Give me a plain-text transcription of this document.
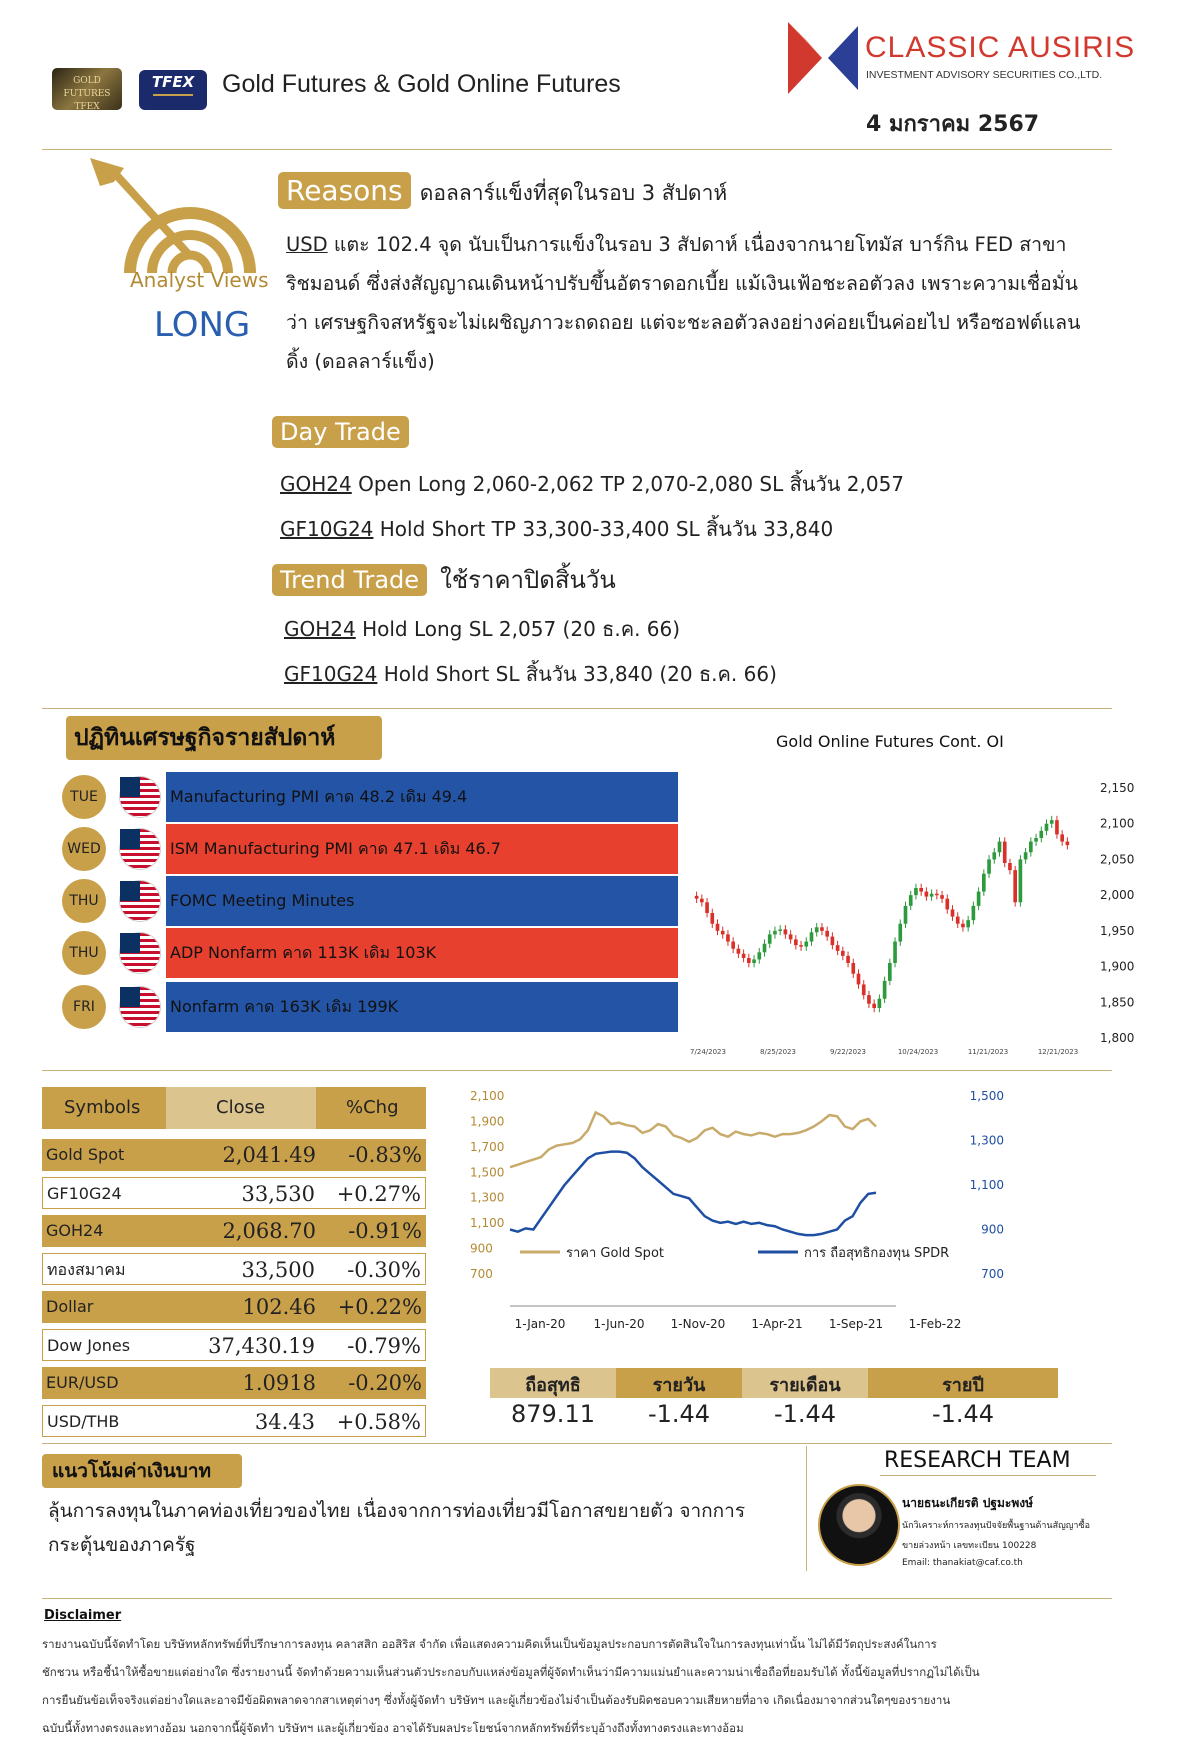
GOLD FUTURES TFEX
TFEX	Gold Futures & Gold Online Futures
CLASSIC AUSIRIS
INVESTMENT ADVISORY SECURITIES CO.,LTD.
4 มกราคม 2567
Analyst Views
LONG
Reasons ดอลลาร์แข็งที่สุดในรอบ 3 สัปดาห์
USD แตะ 102.4 จุด นับเป็นการแข็งในรอบ 3 สัปดาห์ เนื่องจากนายโทมัส บาร์กิน FED สาขา
ริชมอนด์ ซึ่งส่งสัญญาณเดินหน้าปรับขึ้นอัตราดอกเบี้ย แม้เงินเฟ้อชะลอตัวลง เพราะความเชื่อมั่น
ว่า เศรษฐกิจสหรัฐจะไม่เผชิญภาวะถดถอย แต่จะชะลอตัวลงอย่างค่อยเป็นค่อยไป หรือซอฟต์แลน
ดิ้ง (ดอลลาร์แข็ง)
Day Trade
GOH24 Open Long 2,060-2,062 TP 2,070-2,080 SL สิ้นวัน 2,057
GF10G24 Hold Short TP 33,300-33,400 SL สิ้นวัน 33,840
Trend Trade ใช้ราคาปิดสิ้นวัน
GOH24 Hold Long SL 2,057 (20 ธ.ค. 66)
GF10G24 Hold Short SL สิ้นวัน 33,840 (20 ธ.ค. 66)
ปฏิทินเศรษฐกิจรายสัปดาห์
TUE	Manufacturing PMI คาด 48.2 เดิม 49.4
WED	ISM Manufacturing PMI คาด 47.1 เดิม 46.7
THU	FOMC Meeting Minutes
THU	ADP Nonfarm คาด 113K เดิม 103K
FRI	Nonfarm คาด 163K เดิม 199K
Gold Online Futures Cont. OI
2,150
2,100
2,050
2,000
1,950
1,900
1,850
1,800
7/24/2023	8/25/2023	9/22/2023	10/24/2023	11/21/2023	12/21/2023
Symbols	Close	%Chg
Gold Spot	2,041.49 -0.83%
GF10G24	33,530 +0.27%
GOH24	2,068.70 -0.91%
ทองสมาคม	33,500 -0.30%
Dollar	102.46 +0.22%
Dow Jones	37,430.19 -0.79%
EUR/USD	1.0918 -0.20%
USD/THB	34.43 +0.58%
2,100
1,900
1,700
1,500
1,300
1,100
900
700
1,500
1,300
1,100
900
700
1-Jan-20 1-Jun-20 1-Nov-20 1-Apr-21 1-Sep-21 1-Feb-22
ราคา Gold Spot	การ ถือสุทธิกองทุน SPDR
ถือสุทธิ	รายวัน	รายเดือน	รายปี
879.11	-1.44	-1.44	-1.44
แนวโน้มค่าเงินบาท
ลุ้นการลงทุนในภาคท่องเที่ยวของไทย เนื่องจากการท่องเที่ยวมีโอกาสขยายตัว จากการ
กระตุ้นของภาครัฐ
RESEARCH TEAM
นายธนะเกียรติ ปฐมะพงษ์
นักวิเคราะห์การลงทุนปัจจัยพื้นฐานด้านสัญญาซื้อ
ขายล่วงหน้า เลขทะเบียน 100228
Email: thanakiat@caf.co.th
Disclaimer
รายงานฉบับนี้จัดทำโดย บริษัทหลักทรัพย์ที่ปรึกษาการลงทุน คลาสสิก ออสิริส จำกัด เพื่อแสดงความคิดเห็นเป็นข้อมูลประกอบการตัดสินใจในการลงทุนเท่านั้น ไม่ได้มีวัตถุประสงค์ในการ
ชักชวน หรือชี้นำให้ซื้อขายแต่อย่างใด ซึ่งรายงานนี้ จัดทำด้วยความเห็นส่วนตัวประกอบกับแหล่งข้อมูลที่ผู้จัดทำเห็นว่ามีความแม่นยำและความน่าเชื่อถือที่ยอมรับได้ ทั้งนี้ข้อมูลที่ปรากฏไม่ได้เป็น
การยืนยันข้อเท็จจริงแต่อย่างใดและอาจมีข้อผิดพลาดจากสาเหตุต่างๆ ซึ่งทั้งผู้จัดทำ บริษัทฯ และผู้เกี่ยวข้องไม่จำเป็นต้องรับผิดชอบความเสียหายที่อาจ เกิดเนื่องมาจากส่วนใดๆของรายงาน
ฉบับนี้ทั้งทางตรงและทางอ้อม นอกจากนี้ผู้จัดทำ บริษัทฯ และผู้เกี่ยวข้อง อาจได้รับผลประโยชน์จากหลักทรัพย์ที่ระบุอ้างถึงทั้งทางตรงและทางอ้อม
